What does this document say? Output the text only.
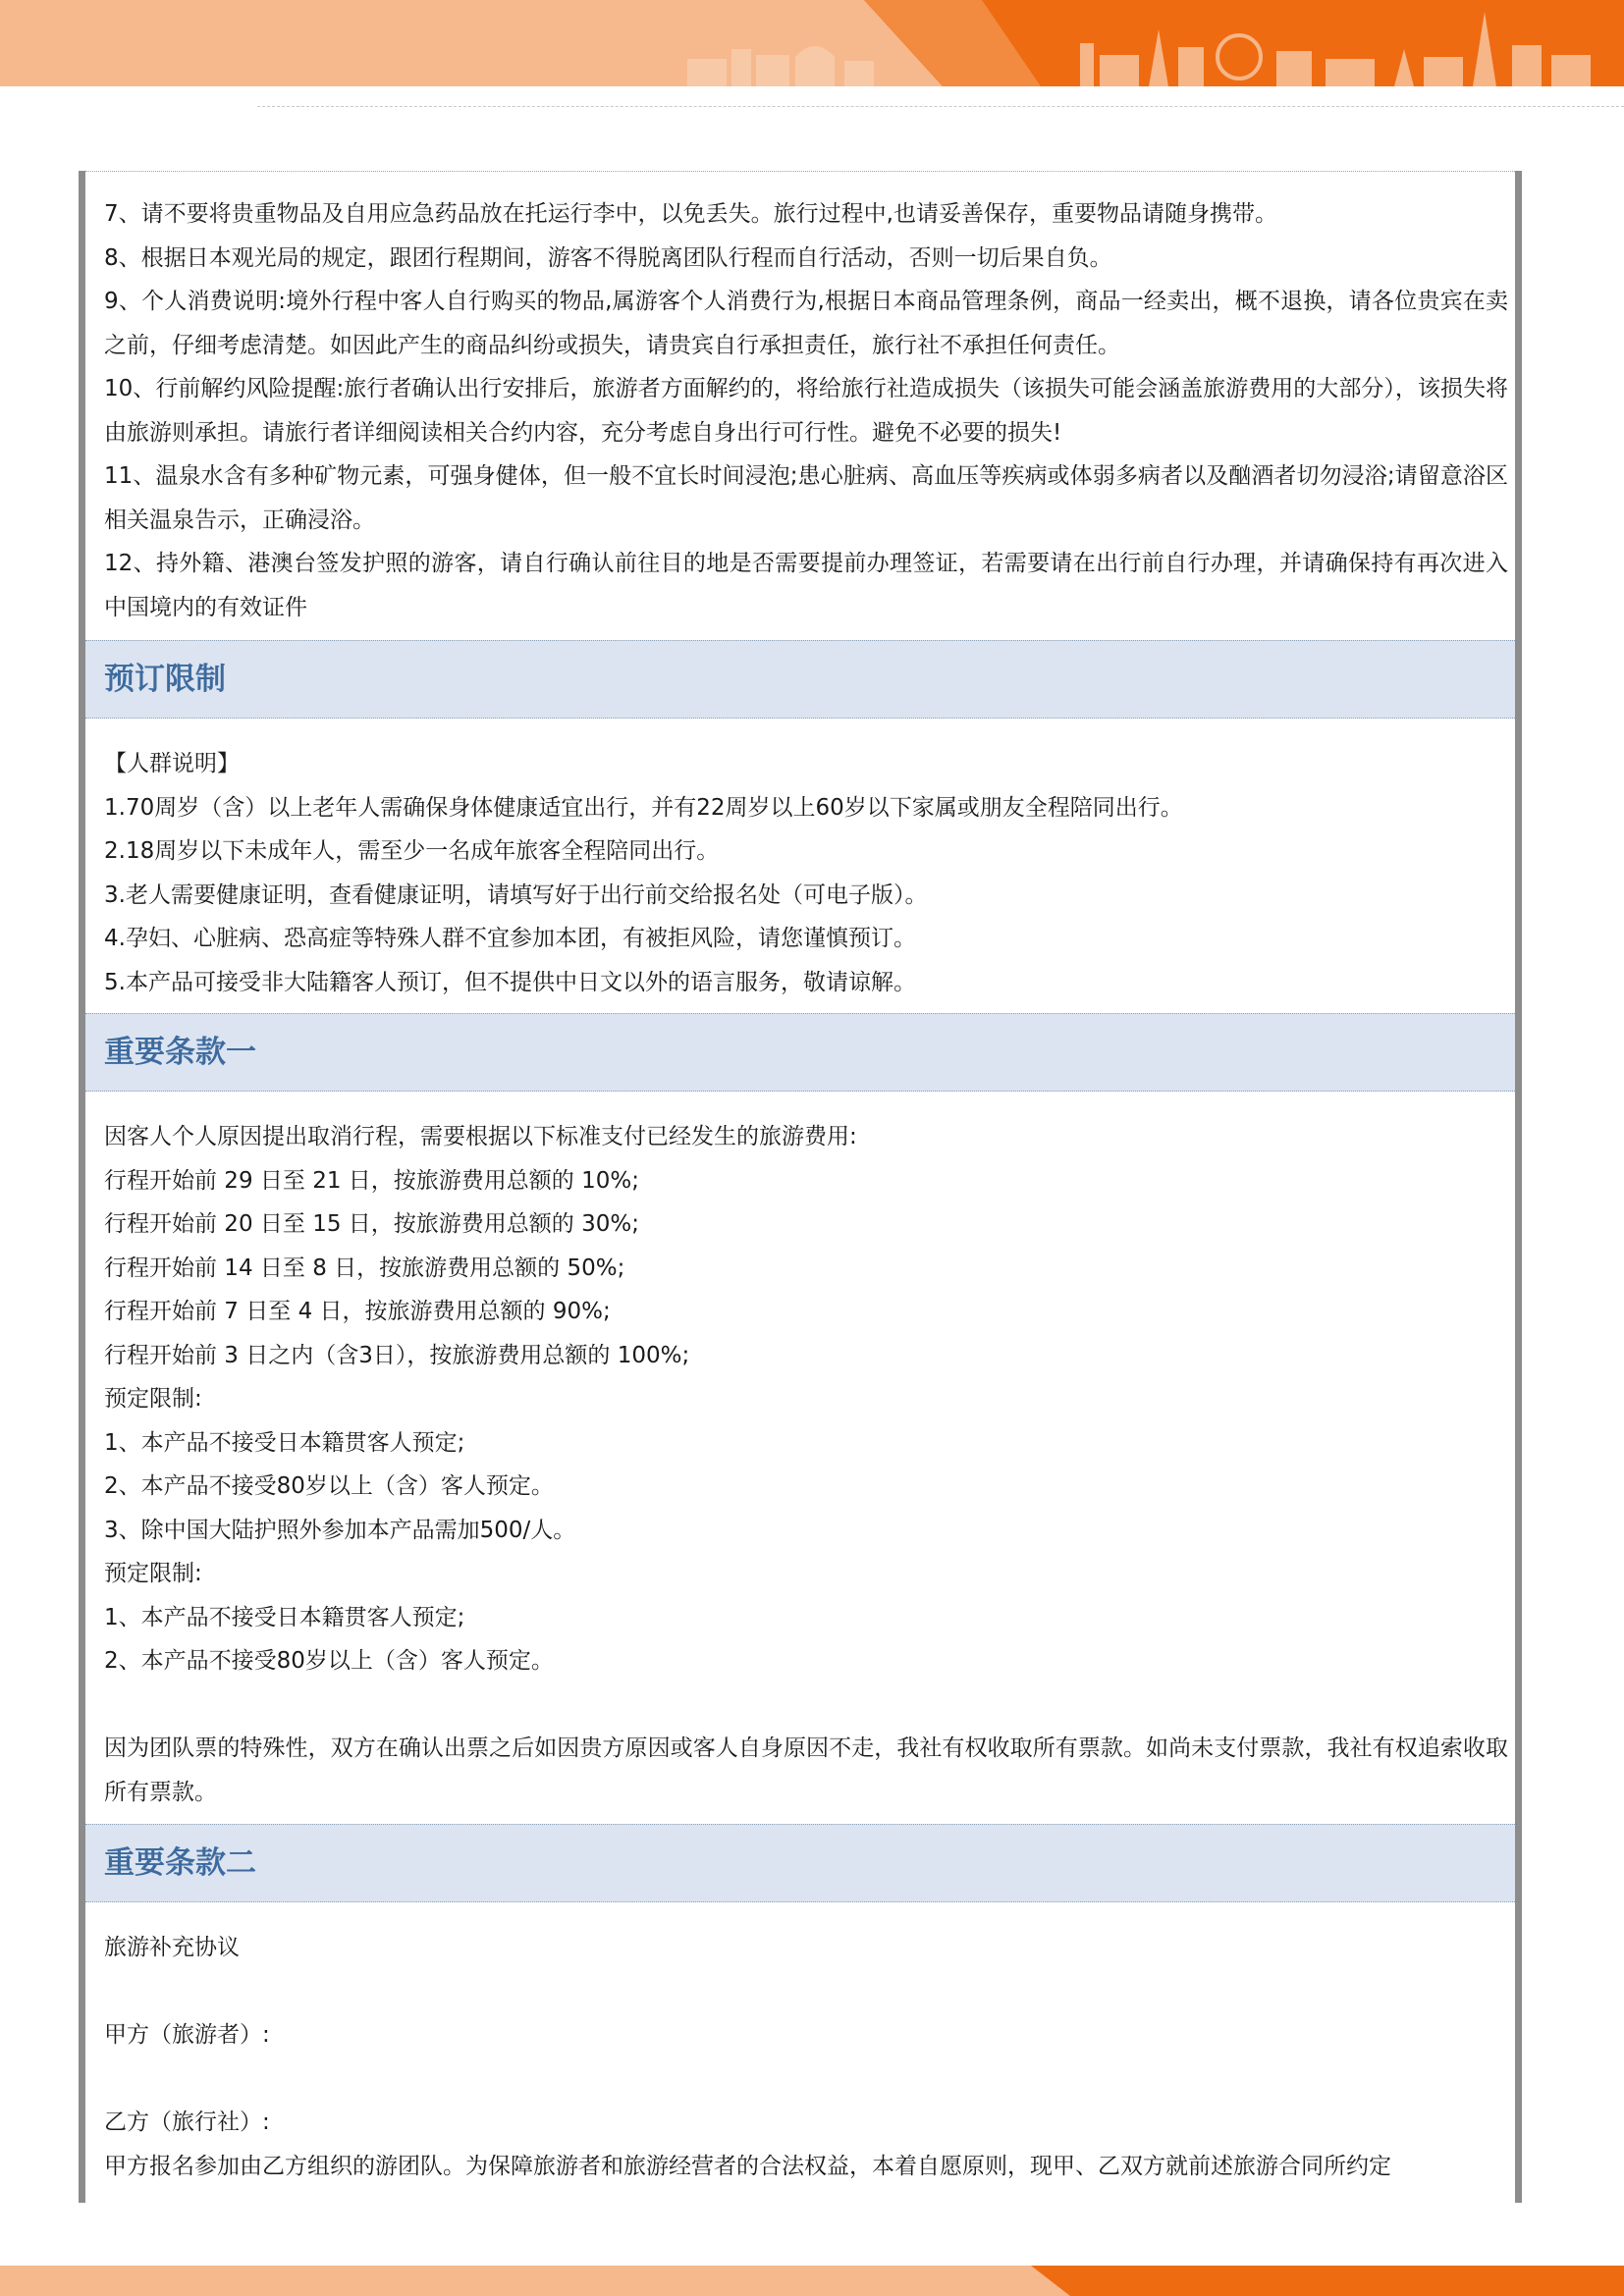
7、请不要将贵重物品及自用应急药品放在托运行李中，以免丢失。旅行过程中,也请妥善保存，重要物品请随身携带。

8、根据日本观光局的规定，跟团行程期间，游客不得脱离团队行程而自行活动，否则一切后果自负。

9、个人消费说明:境外行程中客人自行购买的物品,属游客个人消费行为,根据日本商品管理条例，商品一经卖出，概不退换，请各位贵宾在卖之前，仔细考虑清楚。如因此产生的商品纠纷或损失，请贵宾自行承担责任，旅行社不承担任何责任。

10、行前解约风险提醒:旅行者确认出行安排后，旅游者方面解约的，将给旅行社造成损失（该损失可能会涵盖旅游费用的大部分），该损失将由旅游则承担。请旅行者详细阅读相关合约内容，充分考虑自身出行可行性。避免不必要的损失!

11、温泉水含有多种矿物元素，可强身健体，但一般不宜长时间浸泡;患心脏病、高血压等疾病或体弱多病者以及酗酒者切勿浸浴;请留意浴区相关温泉告示，正确浸浴。

12、持外籍、港澳台签发护照的游客，请自行确认前往目的地是否需要提前办理签证，若需要请在出行前自行办理，并请确保持有再次进入中国境内的有效证件

预订限制

【人群说明】

1.70周岁（含）以上老年人需确保身体健康适宜出行，并有22周岁以上60岁以下家属或朋友全程陪同出行。

2.18周岁以下未成年人，需至少一名成年旅客全程陪同出行。

3.老人需要健康证明，查看健康证明，请填写好于出行前交给报名处（可电子版）。

4.孕妇、心脏病、恐高症等特殊人群不宜参加本团，有被拒风险，请您谨慎预订。

5.本产品可接受非大陆籍客人预订，但不提供中日文以外的语言服务，敬请谅解。

重要条款一

因客人个人原因提出取消行程，需要根据以下标准支付已经发生的旅游费用:

行程开始前 29 日至 21 日，按旅游费用总额的 10%;

行程开始前 20 日至 15 日，按旅游费用总额的 30%;

行程开始前 14 日至 8 日，按旅游费用总额的 50%;

行程开始前 7 日至 4 日，按旅游费用总额的 90%;

行程开始前 3 日之内（含3日），按旅游费用总额的 100%;

预定限制:

1、本产品不接受日本籍贯客人预定;

2、本产品不接受80岁以上（含）客人预定。

3、除中国大陆护照外参加本产品需加500/人。

预定限制:

1、本产品不接受日本籍贯客人预定;

2、本产品不接受80岁以上（含）客人预定。

因为团队票的特殊性，双方在确认出票之后如因贵方原因或客人自身原因不走，我社有权收取所有票款。如尚未支付票款，我社有权追索收取所有票款。

重要条款二

旅游补充协议

甲方（旅游者）:

乙方（旅行社）:

甲方报名参加由乙方组织的游团队。为保障旅游者和旅游经营者的合法权益，本着自愿原则，现甲、乙双方就前述旅游合同所约定
